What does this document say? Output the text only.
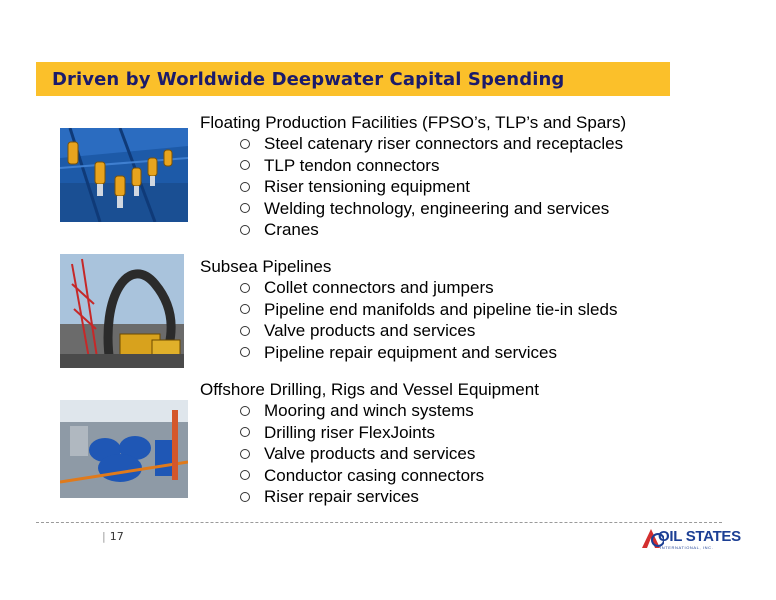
Driven by Worldwide Deepwater Capital Spending
Floating Production Facilities (FPSO’s, TLP’s and Spars)
Steel catenary riser connectors and receptacles
TLP tendon connectors
Riser tensioning equipment
Welding technology, engineering and services
Cranes
Subsea Pipelines
Collet connectors and jumpers
Pipeline end manifolds and pipeline tie-in sleds
Valve products and services
Pipeline repair equipment and services
Offshore Drilling, Rigs and Vessel Equipment
Mooring and winch systems
Drilling riser FlexJoints
Valve products and services
Conductor casing connectors
Riser repair services
| 17	OIL STATES
INTERNATIONAL, INC.
